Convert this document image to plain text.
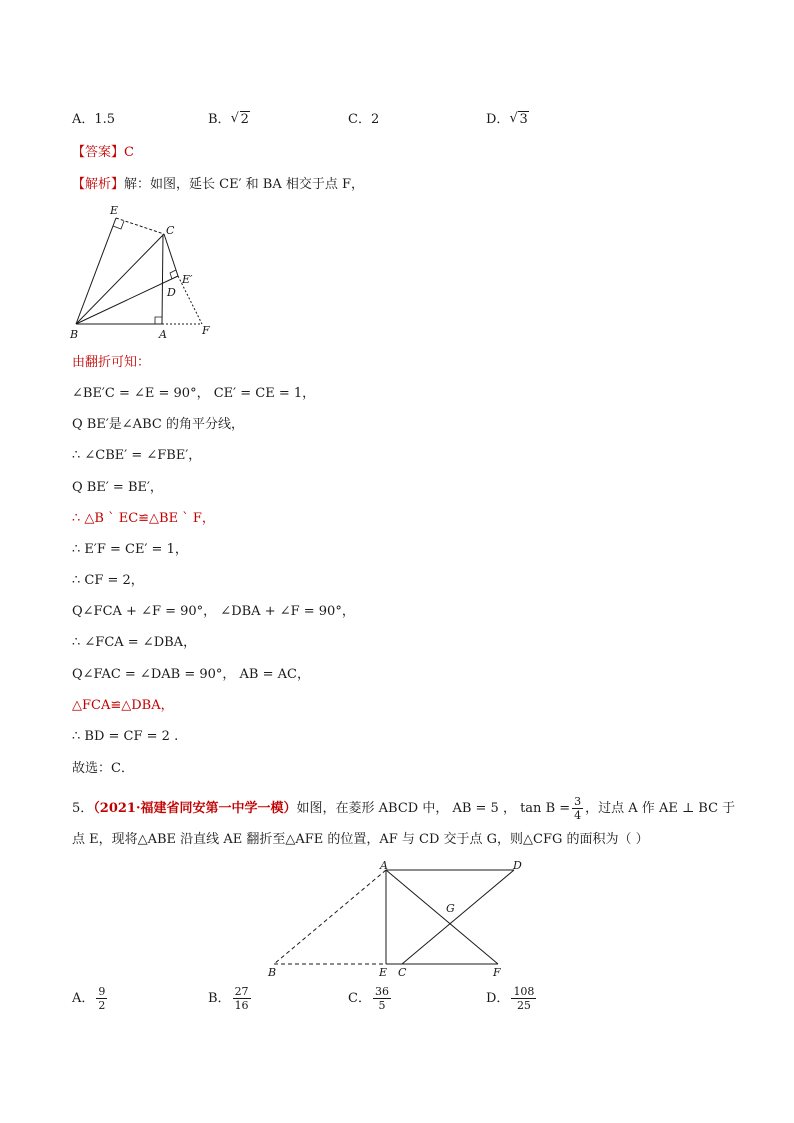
A．1.5	B． √ 2	C．2	D． √ 3
【答案】C
【解析】解：如图，延长 CE′ 和 BA 相交于点 F，
E
C
E′
D
B	A	F
由翻折可知：
∠BE′C = ∠E = 90°， CE′ = CE = 1，
Q BE′是∠ABC 的角平分线，
∴ ∠CBE′ = ∠FBE′，
Q BE′ = BE′，
∴ △B ` EC≌△BE ` F，
∴ E′F = CE′ = 1，
∴ CF = 2，
Q∠FCA + ∠F = 90°， ∠DBA + ∠F = 90°，
∴ ∠FCA = ∠DBA，
Q∠FAC = ∠DAB = 90°， AB = AC，
△FCA≌△DBA，
∴ BD = CF = 2 .
故选：C．
5．（2021·福建省同安第一中学一模）如图，在菱形 ABCD 中， AB = 5 ， $\tan B = \frac{3}{4}$ ，过点 A 作 AE ⊥ BC 于
点 E，现将△ABE 沿直线 AE 翻折至△AFE 的位置，AF 与 CD 交于点 G，则△CFG 的面积为（ ）
A	D
G
B	E C	F
A． $\frac{9}{2}$	B． $\frac{27}{16}$	C． $\frac{36}{5}$	D． $\frac{108}{25}$
